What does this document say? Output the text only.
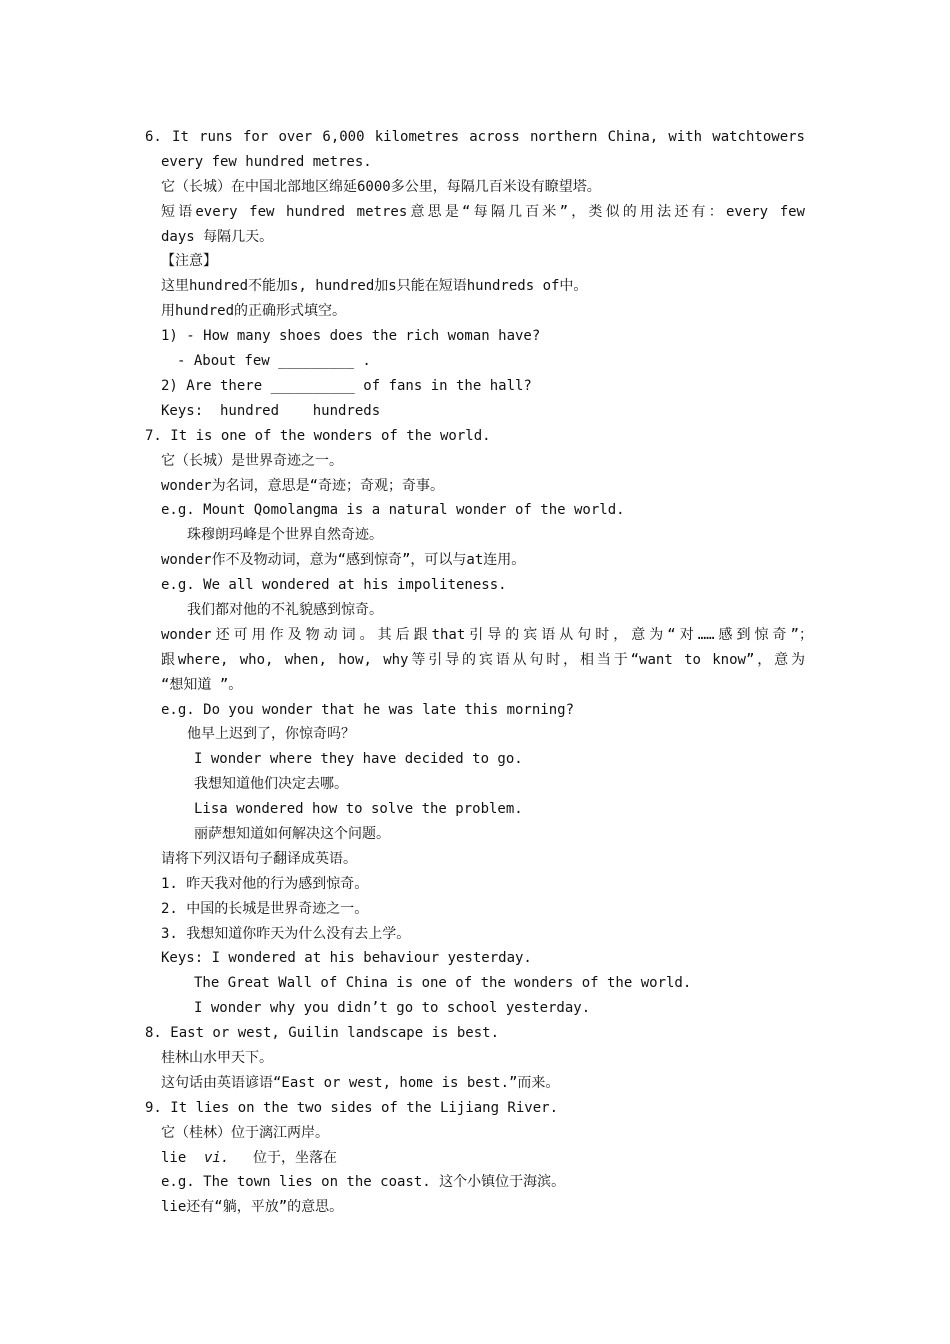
6. It runs for over 6,000 kilometres across northern China, with watchtowers
every few hundred metres.
它（长城）在中国北部地区绵延6000多公里，每隔几百米设有瞭望塔。
短语every few hundred metres意思是“每隔几百米”，类似的用法还有：every few
days 每隔几天。
【注意】
这里hundred不能加s, hundred加s只能在短语hundreds of中。
用hundred的正确形式填空。
1) - How many shoes does the rich woman have?
- About few _________ .
2) Are there __________ of fans in the hall?
Keys:  hundred    hundreds
7. It is one of the wonders of the world.
它（长城）是世界奇迹之一。
wonder为名词，意思是“奇迹；奇观；奇事。
e.g. Mount Qomolangma is a natural wonder of the world.
珠穆朗玛峰是个世界自然奇迹。
wonder作不及物动词，意为“感到惊奇”，可以与at连用。
e.g. We all wondered at his impoliteness.
我们都对他的不礼貌感到惊奇。
wonder还可用作及物动词。其后跟that引导的宾语从句时，意为“对……感到惊奇”；
跟where, who, when, how, why等引导的宾语从句时，相当于“want to know”，意为
“想知道 ”。
e.g. Do you wonder that he was late this morning?
他早上迟到了，你惊奇吗？
I wonder where they have decided to go.
我想知道他们决定去哪。
Lisa wondered how to solve the problem.
丽萨想知道如何解决这个问题。
请将下列汉语句子翻译成英语。
1. 昨天我对他的行为感到惊奇。
2. 中国的长城是世界奇迹之一。
3. 我想知道你昨天为什么没有去上学。
Keys: I wondered at his behaviour yesterday.
The Great Wall of China is one of the wonders of the world.
I wonder why you didn’t go to school yesterday.
8. East or west, Guilin landscape is best.
桂林山水甲天下。
这句话由英语谚语“East or west, home is best.”而来。
9. It lies on the two sides of the Lijiang River.
它（桂林）位于漓江两岸。
lie vi. 位于，坐落在
e.g. The town lies on the coast. 这个小镇位于海滨。
lie还有“躺，平放”的意思。
